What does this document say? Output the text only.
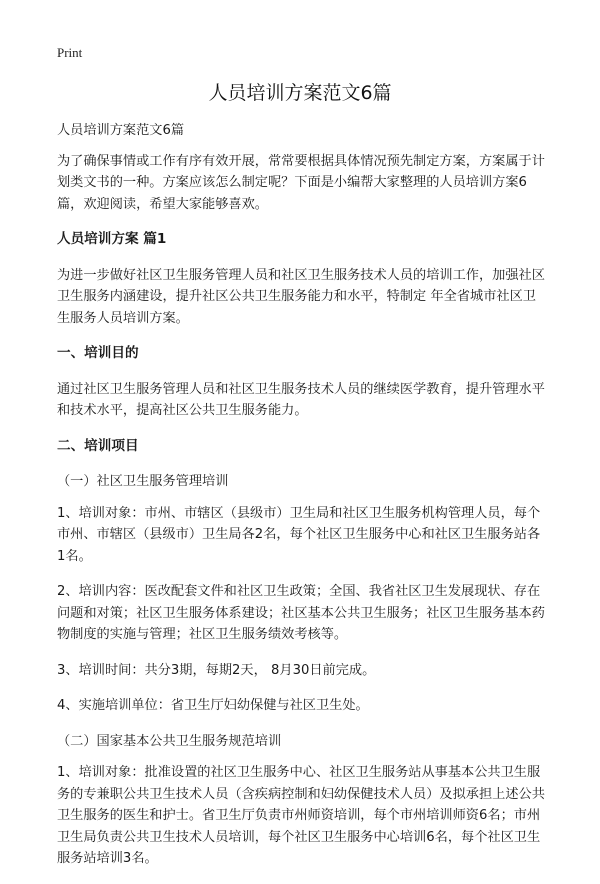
Print
人员培训方案范文6篇

人员培训方案范文6篇

为了确保事情或工作有序有效开展，常常要根据具体情况预先制定方案，方案属于计划类文书的一种。方案应该怎么制定呢？下面是小编帮大家整理的人员培训方案6篇，欢迎阅读，希望大家能够喜欢。

人员培训方案 篇1

为进一步做好社区卫生服务管理人员和社区卫生服务技术人员的培训工作，加强社区卫生服务内涵建设，提升社区公共卫生服务能力和水平，特制定 年全省城市社区卫生服务人员培训方案。

一、培训目的

通过社区卫生服务管理人员和社区卫生服务技术人员的继续医学教育，提升管理水平和技术水平，提高社区公共卫生服务能力。

二、培训项目

（一）社区卫生服务管理培训

1、培训对象：市州、市辖区（县级市）卫生局和社区卫生服务机构管理人员，每个市州、市辖区（县级市）卫生局各2名，每个社区卫生服务中心和社区卫生服务站各1名。

2、培训内容：医改配套文件和社区卫生政策；全国、我省社区卫生发展现状、存在问题和对策；社区卫生服务体系建设；社区基本公共卫生服务；社区卫生服务基本药物制度的实施与管理；社区卫生服务绩效考核等。

3、培训时间：共分3期，每期2天， 8月30日前完成。

4、实施培训单位：省卫生厅妇幼保健与社区卫生处。

（二）国家基本公共卫生服务规范培训

1、培训对象：批准设置的社区卫生服务中心、社区卫生服务站从事基本公共卫生服务的专兼职公共卫生技术人员（含疾病控制和妇幼保健技术人员）及拟承担上述公共卫生服务的医生和护士。省卫生厅负责市州师资培训，每个市州培训师资6名；市州卫生局负责公共卫生技术人员培训，每个社区卫生服务中心培训6名，每个社区卫生服务站培训3名。
